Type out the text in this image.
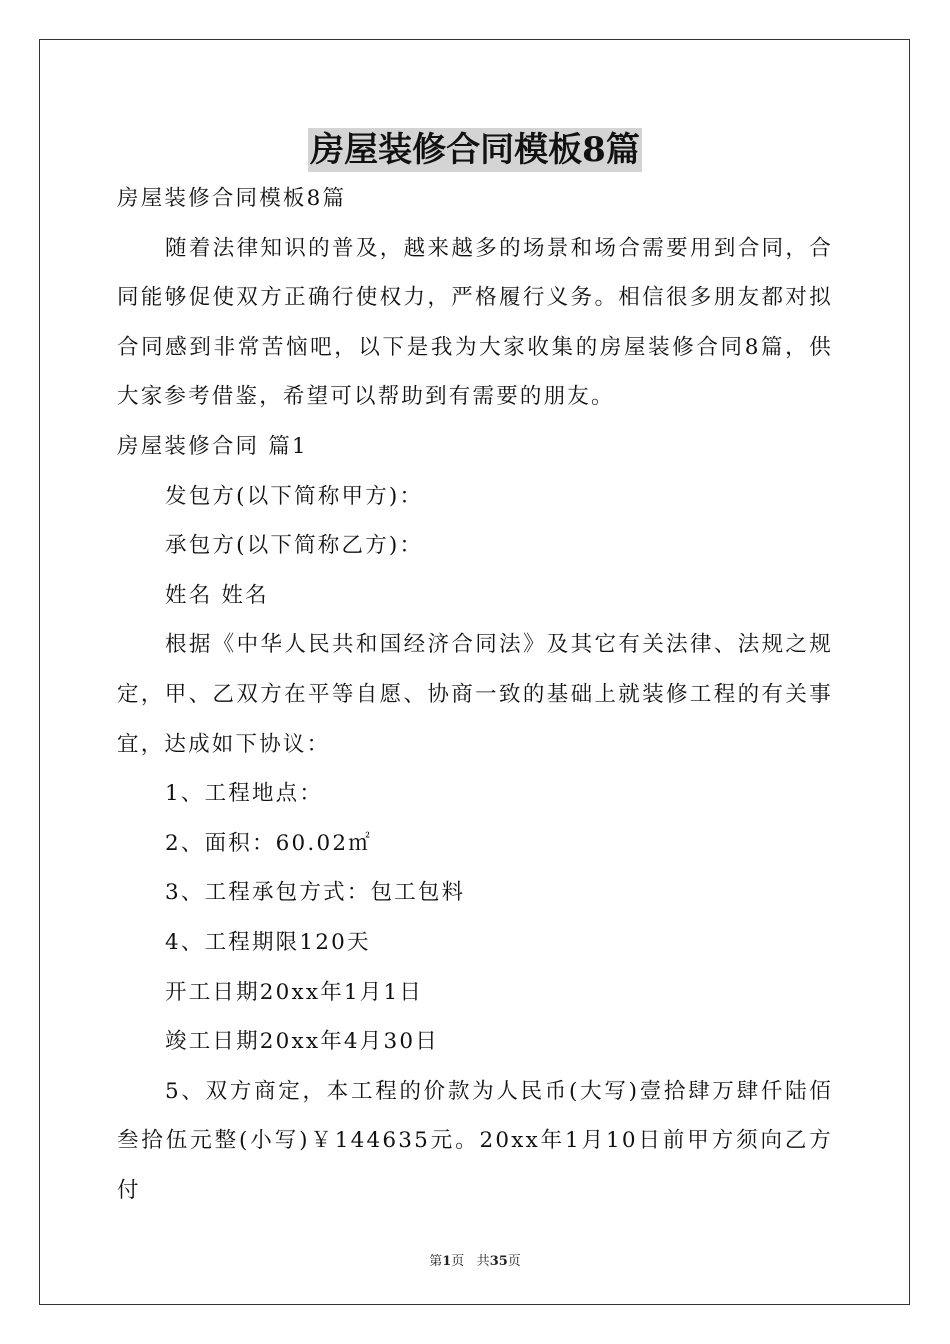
房屋装修合同模板8篇

房屋装修合同模板8篇

随着法律知识的普及，越来越多的场景和场合需要用到合同，合同能够促使双方正确行使权力，严格履行义务。相信很多朋友都对拟合同感到非常苦恼吧，以下是我为大家收集的房屋装修合同8篇，供大家参考借鉴，希望可以帮助到有需要的朋友。

房屋装修合同 篇1

发包方(以下简称甲方)：

承包方(以下简称乙方)：

姓名 姓名

根据《中华人民共和国经济合同法》及其它有关法律、法规之规定，甲、乙双方在平等自愿、协商一致的基础上就装修工程的有关事宜，达成如下协议：

1、工程地点：

2、面积：60.02㎡

3、工程承包方式：包工包料

4、工程期限120天

开工日期20xx年1月1日

竣工日期20xx年4月30日

5、双方商定，本工程的价款为人民币(大写)壹拾肆万肆仟陆佰叁拾伍元整(小写)￥144635元。20xx年1月10日前甲方须向乙方付

第1页 共35页
